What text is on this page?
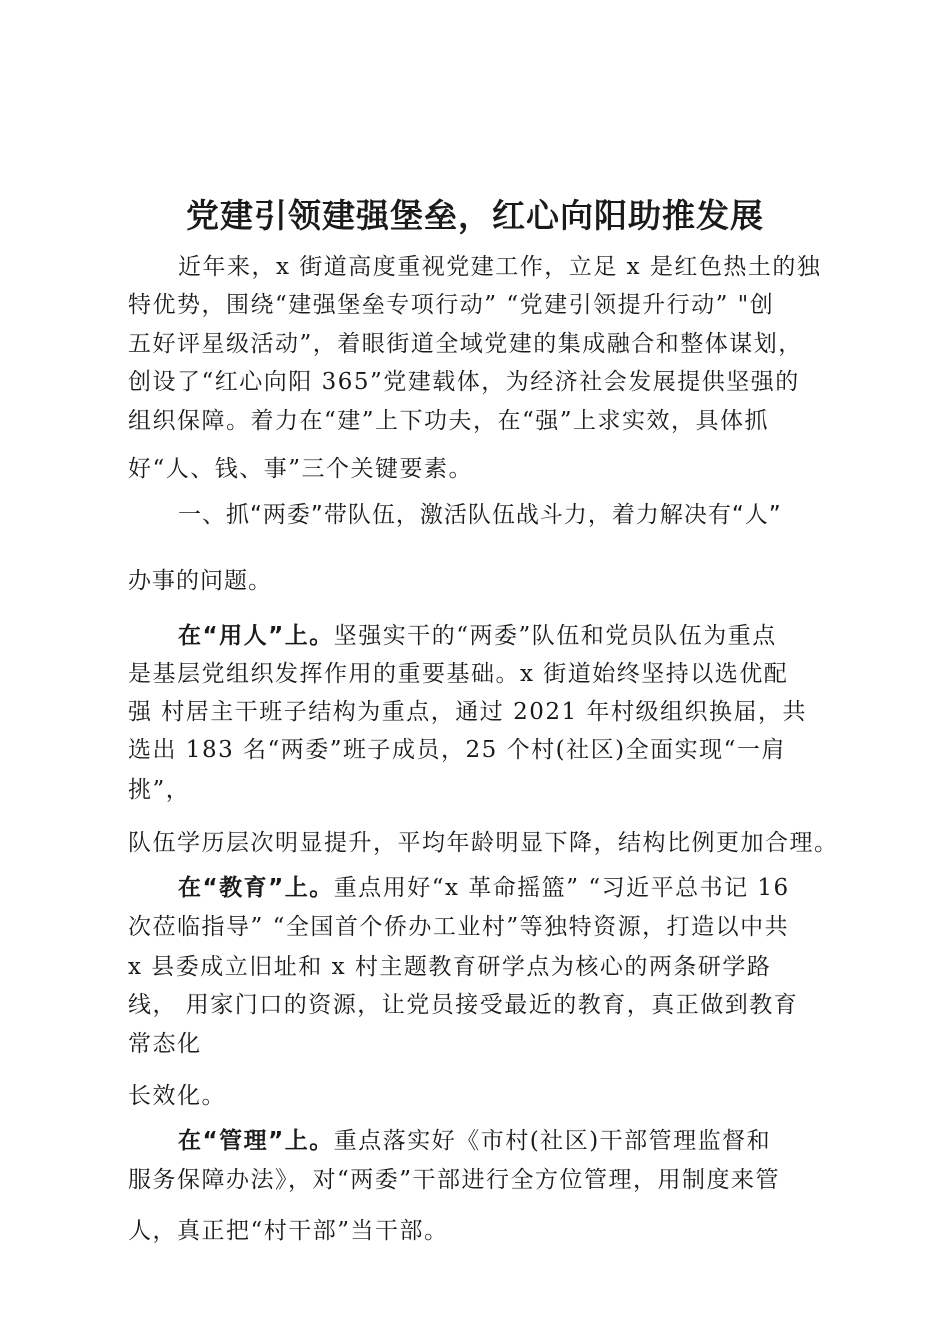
党建引领建强堡垒，红心向阳助推发展
近年来，x 街道高度重视党建工作，立足 x 是红色热土的独
特优势，围绕“建强堡垒专项行动” “党建引领提升行动” "创
五好评星级活动”，着眼街道全域党建的集成融合和整体谋划，
创设了“红心向阳 365”党建载体，为经济社会发展提供坚强的
组织保障。着力在“建”上下功夫，在“强”上求实效，具体抓
好“人、钱、事”三个关键要素。
一、抓“两委”带队伍，激活队伍战斗力，着力解决有“人”
办事的问题。
在“用人”上。坚强实干的“两委”队伍和党员队伍为重点
是基层党组织发挥作用的重要基础。x 街道始终坚持以选优配
强 村居主干班子结构为重点，通过 2021 年村级组织换届，共
选出 183 名“两委”班子成员，25 个村(社区)全面实现“一肩
挑”，
队伍学历层次明显提升，平均年龄明显下降，结构比例更加合理。
在“教育”上。重点用好“x 革命摇篮” “习近平总书记 16
次莅临指导” “全国首个侨办工业村”等独特资源，打造以中共
x 县委成立旧址和 x 村主题教育研学点为核心的两条研学路
线， 用家门口的资源，让党员接受最近的教育，真正做到教育
常态化
长效化。
在“管理”上。重点落实好《市村(社区)干部管理监督和
服务保障办法》，对“两委”干部进行全方位管理，用制度来管
人，真正把“村干部”当干部。
